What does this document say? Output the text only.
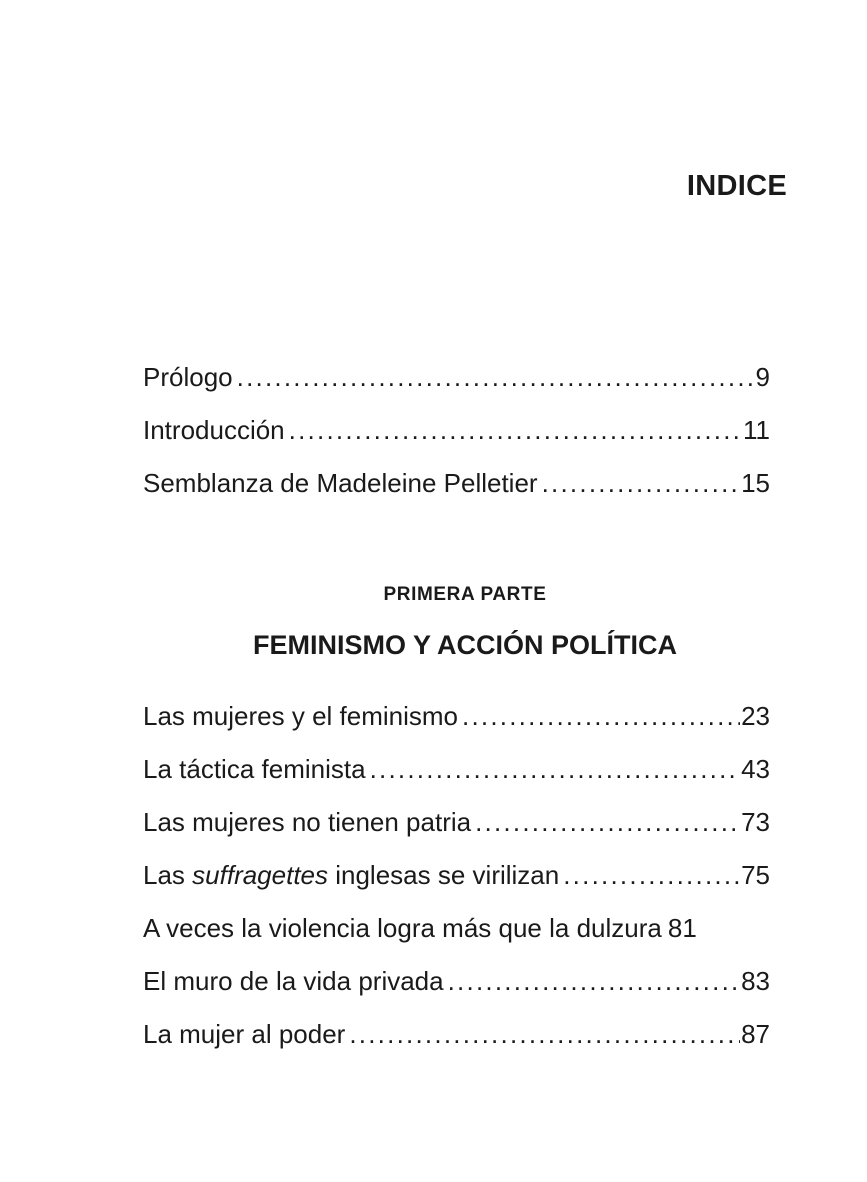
INDICE
Prólogo . . .	9
Introducción . . .	11
Semblanza de Madeleine Pelletier . . .	15
PRIMERA PARTE
FEMINISMO Y ACCIÓN POLÍTICA
Las mujeres y el feminismo . . .	23
La táctica feminista . . .	43
Las mujeres no tienen patria . . .	73
Las suffragettes inglesas se virilizan . . .	75
A veces la violencia logra más que la dulzura 81
El muro de la vida privada . . .	83
La mujer al poder . . .	87
